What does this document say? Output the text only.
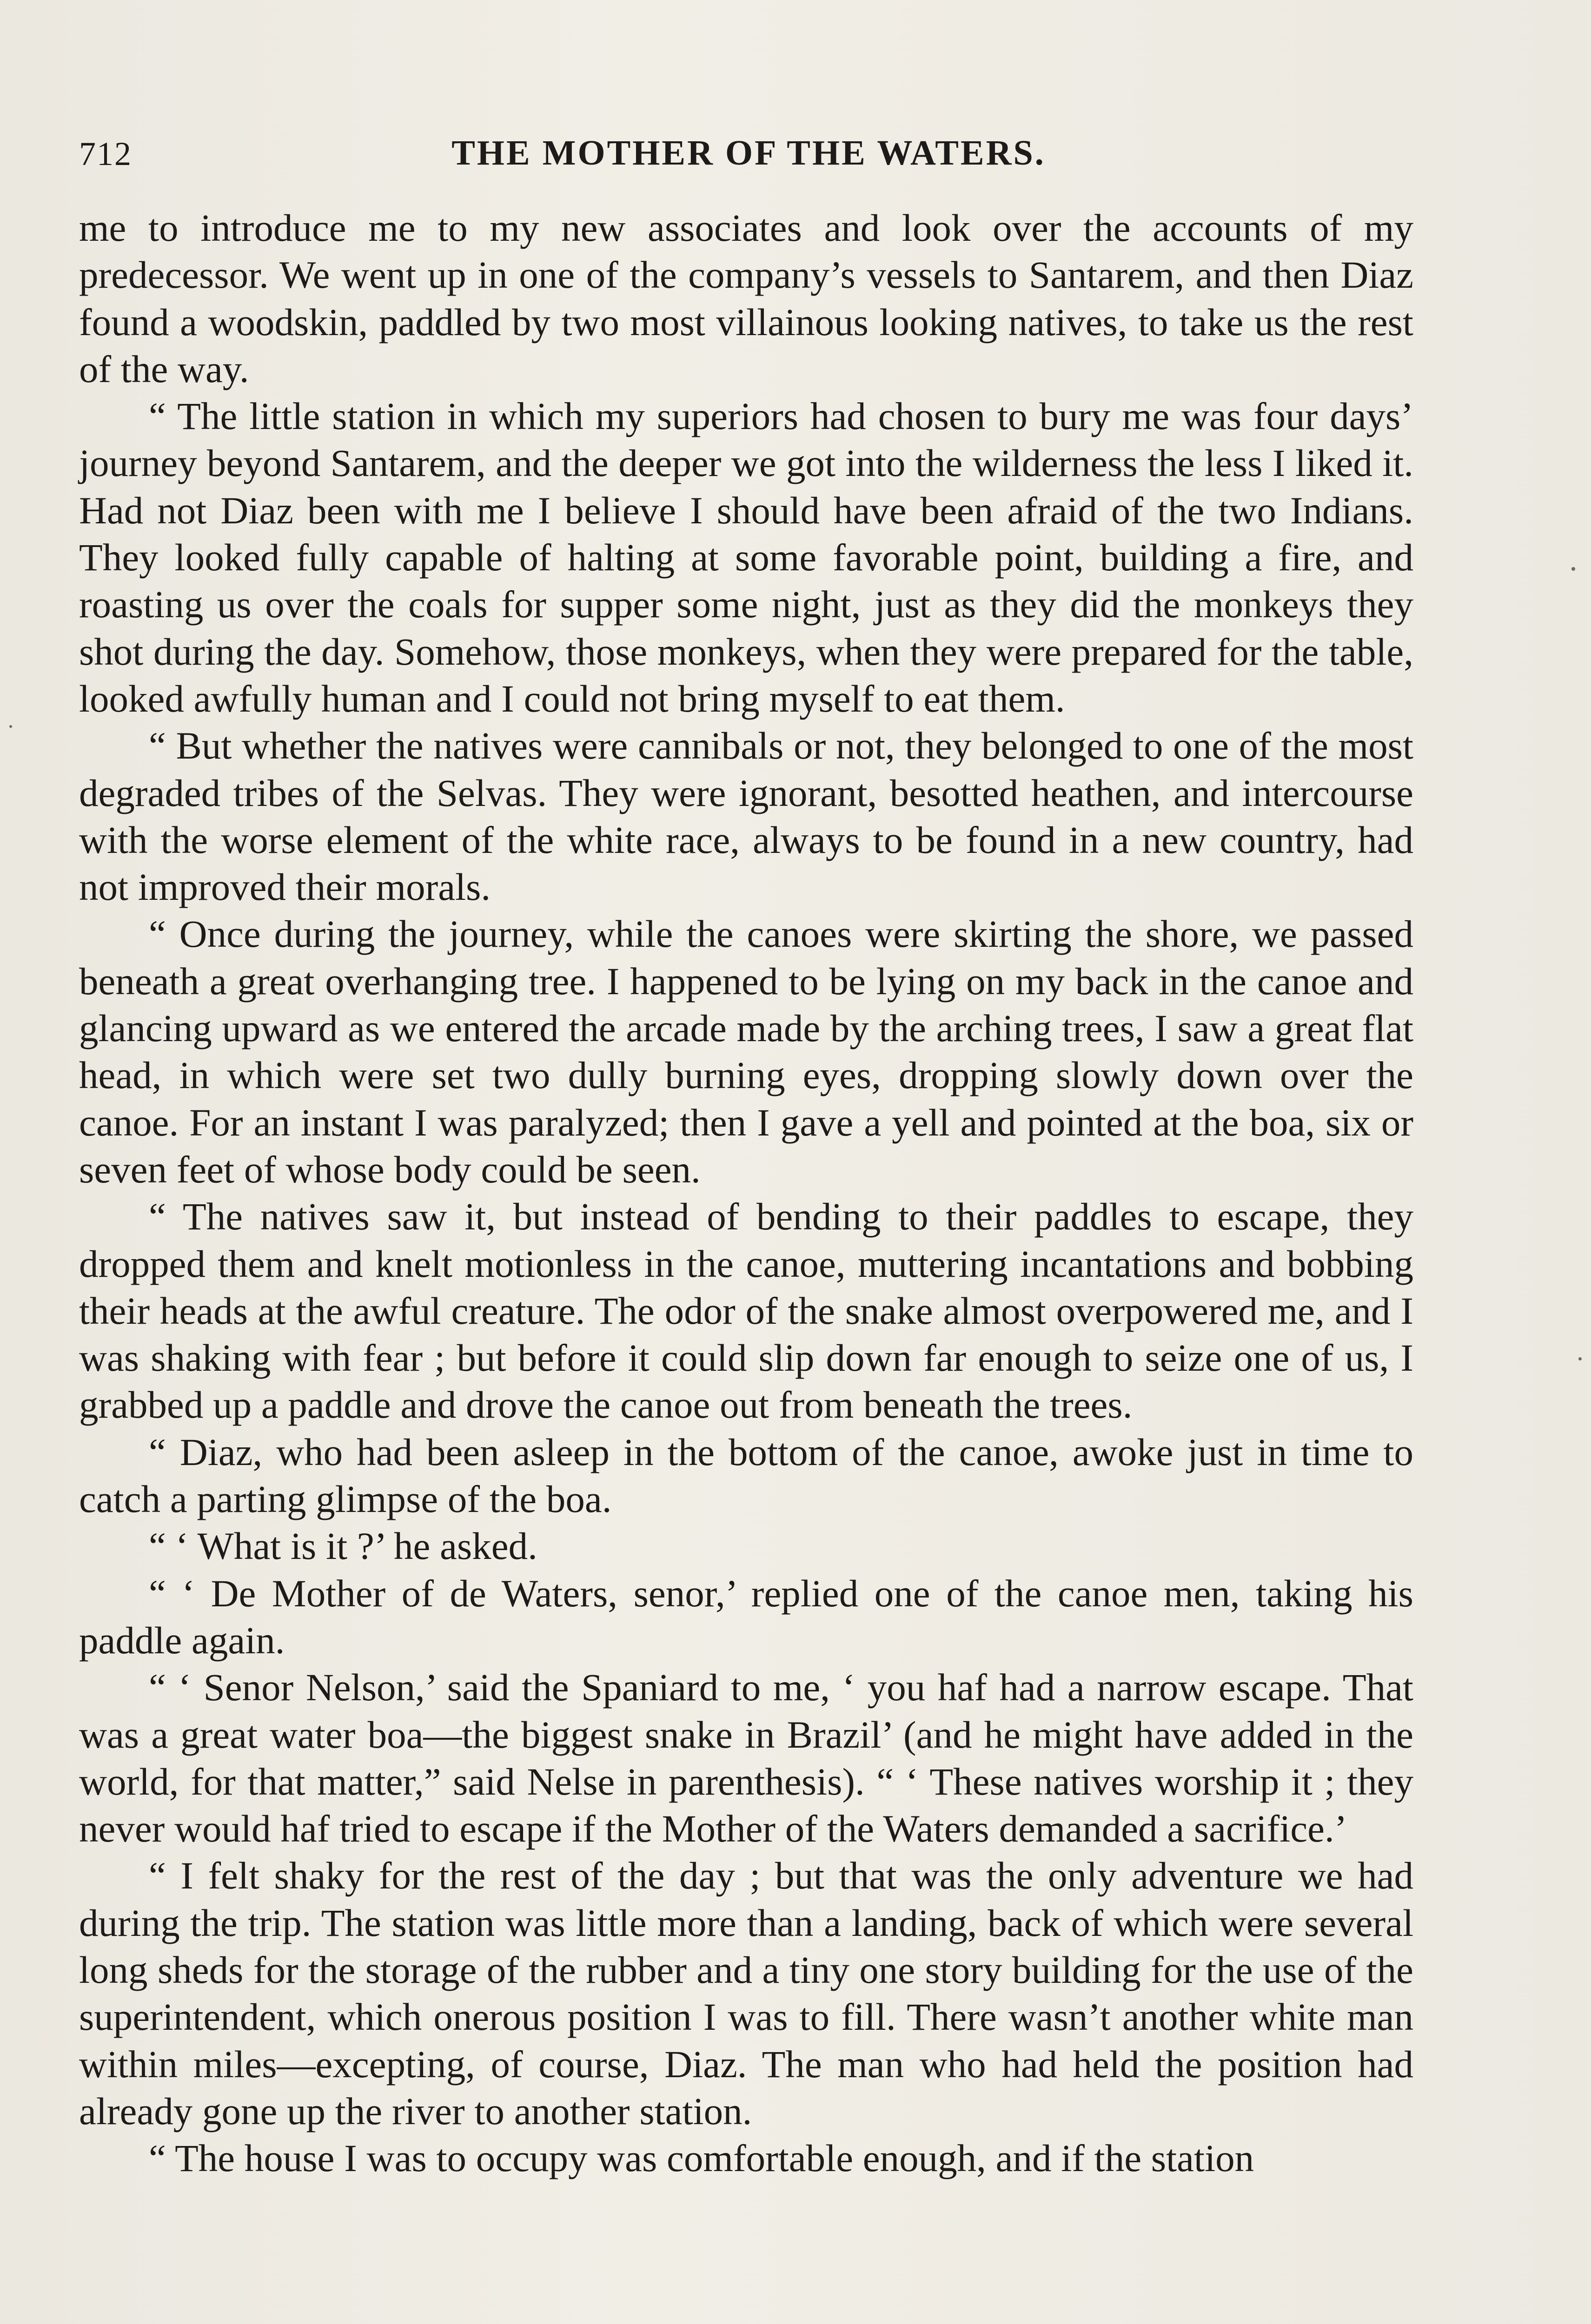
712	THE MOTHER OF THE WATERS.

me to introduce me to my new associates and look over the accounts of my predecessor. We went up in one of the company’s vessels to Santarem, and then Diaz found a woodskin, paddled by two most villainous looking natives, to take us the rest of the way.

“ The little station in which my superiors had chosen to bury me was four days’ journey beyond Santarem, and the deeper we got into the wilderness the less I liked it. Had not Diaz been with me I believe I should have been afraid of the two Indians. They looked fully capable of halting at some favorable point, building a fire, and roasting us over the coals for supper some night, just as they did the monkeys they shot during the day. Somehow, those monkeys, when they were prepared for the table, looked awfully human and I could not bring myself to eat them.

“ But whether the natives were cannibals or not, they belonged to one of the most degraded tribes of the Selvas. They were ignorant, besotted heathen, and intercourse with the worse element of the white race, always to be found in a new country, had not improved their morals.

“ Once during the journey, while the canoes were skirting the shore, we passed beneath a great overhanging tree. I happened to be lying on my back in the canoe and glancing upward as we entered the arcade made by the arching trees, I saw a great flat head, in which were set two dully burning eyes, dropping slowly down over the canoe. For an instant I was paralyzed; then I gave a yell and pointed at the boa, six or seven feet of whose body could be seen.

“ The natives saw it, but instead of bending to their paddles to escape, they dropped them and knelt motionless in the canoe, muttering incantations and bobbing their heads at the awful creature. The odor of the snake almost overpowered me, and I was shaking with fear ; but before it could slip down far enough to seize one of us, I grabbed up a paddle and drove the canoe out from beneath the trees.

“ Diaz, who had been asleep in the bottom of the canoe, awoke just in time to catch a parting glimpse of the boa.

“ ‘ What is it ?’ he asked.

“ ‘ De Mother of de Waters, senor,’ replied one of the canoe men, taking his paddle again.

“ ‘ Senor Nelson,’ said the Spaniard to me, ‘ you haf had a narrow escape. That was a great water boa—the biggest snake in Brazil’ (and he might have added in the world, for that matter,” said Nelse in parenthesis). “ ‘ These natives worship it ; they never would haf tried to escape if the Mother of the Waters demanded a sacrifice.’

“ I felt shaky for the rest of the day ; but that was the only adventure we had during the trip. The station was little more than a landing, back of which were several long sheds for the storage of the rubber and a tiny one story building for the use of the superintendent, which onerous position I was to fill. There wasn’t another white man within miles—excepting, of course, Diaz. The man who had held the position had already gone up the river to another station.

“ The house I was to occupy was comfortable enough, and if the station
